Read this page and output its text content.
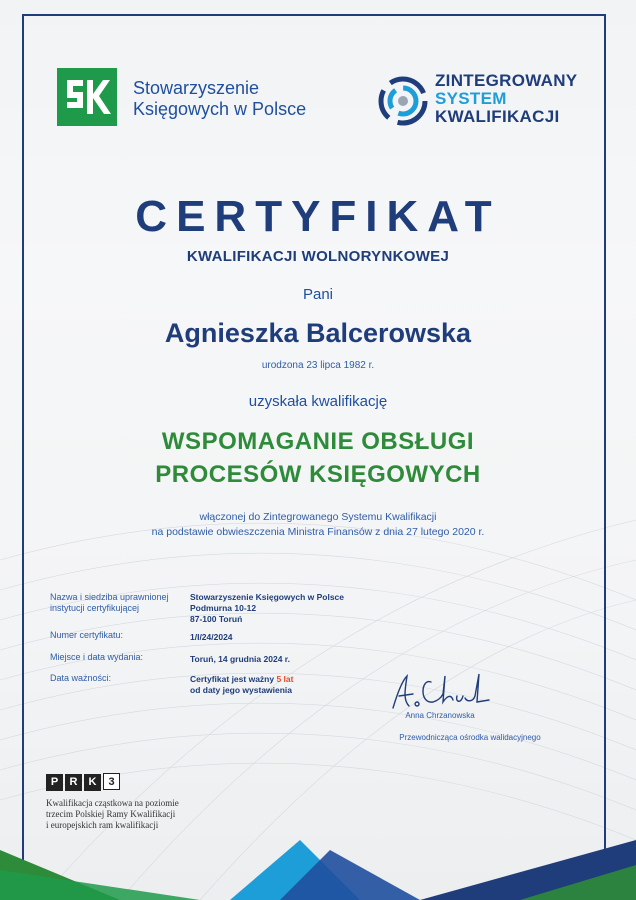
Stowarzyszenie
Księgowych w Polsce
ZINTEGROWANY
SYSTEM
KWALIFIKACJI
CERTYFIKAT
KWALIFIKACJI WOLNORYNKOWEJ
Pani
Agnieszka Balcerowska
urodzona 23 lipca 1982 r.
uzyskała kwalifikację
WSPOMAGANIE OBSŁUGI
PROCESÓW KSIĘGOWYCH
włączonej do Zintegrowanego Systemu Kwalifikacji
na podstawie obwieszczenia Ministra Finansów z dnia 27 lutego 2020 r.
Nazwa i siedziba uprawnionej
instytucji certyfikującej
Stowarzyszenie Księgowych w Polsce
Podmurna 10-12
87-100 Toruń
Numer certyfikatu:	1/I/24/2024
Miejsce i data wydania:	Toruń, 14 grudnia 2024 r.
Data ważności:	Certyfikat jest ważny 5 lat
od daty jego wystawienia
Anna Chrzanowska
Przewodnicząca ośrodka walidacyjnego
P R K 3
Kwalifikacja cząstkowa na poziomie
trzecim Polskiej Ramy Kwalifikacji
i europejskich ram kwalifikacji
